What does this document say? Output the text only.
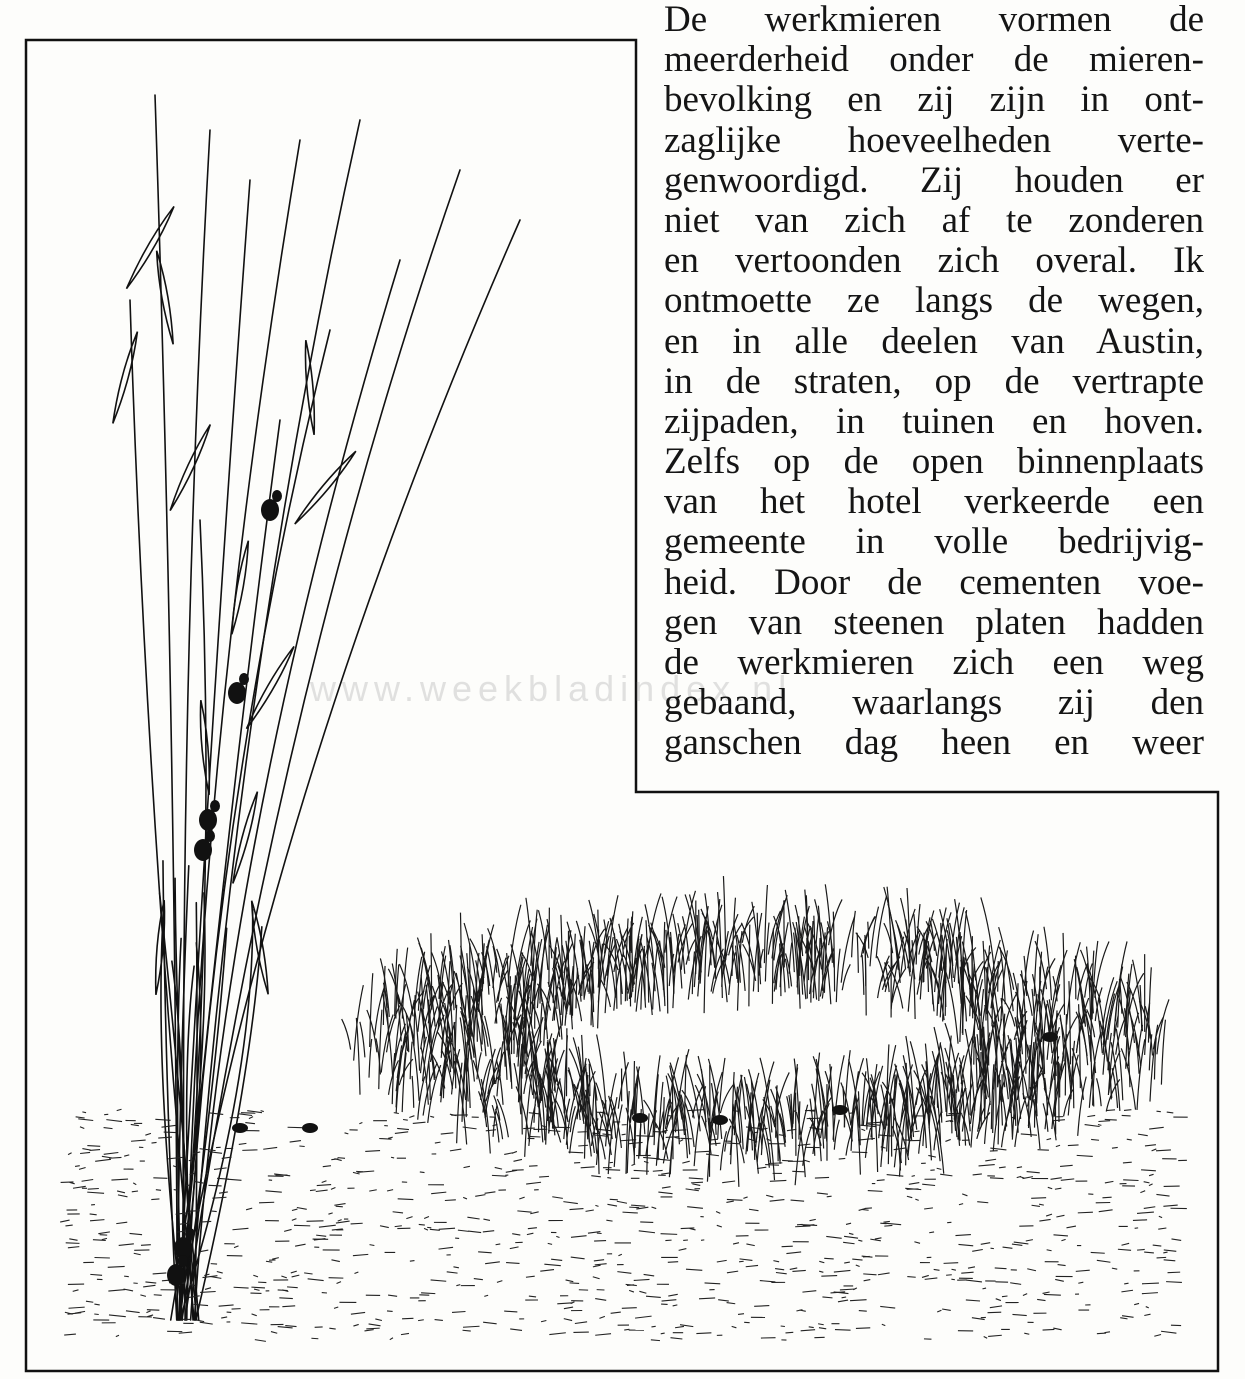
www.weekbladindex.nl
De werkmieren vormen de
meerderheid onder de mieren-
bevolking en zij zijn in ont-
zaglijke hoeveelheden verte-
genwoordigd. Zij houden er
niet van zich af te zonderen
en vertoonden zich overal. Ik
ontmoette ze langs de wegen,
en in alle deelen van Austin,
in de straten, op de vertrapte
zijpaden, in tuinen en hoven.
Zelfs op de open binnenplaats
van het hotel verkeerde een
gemeente in volle bedrijvig-
heid. Door de cementen voe-
gen van steenen platen hadden
de werkmieren zich een weg
gebaand, waarlangs zij den
ganschen dag heen en weer
